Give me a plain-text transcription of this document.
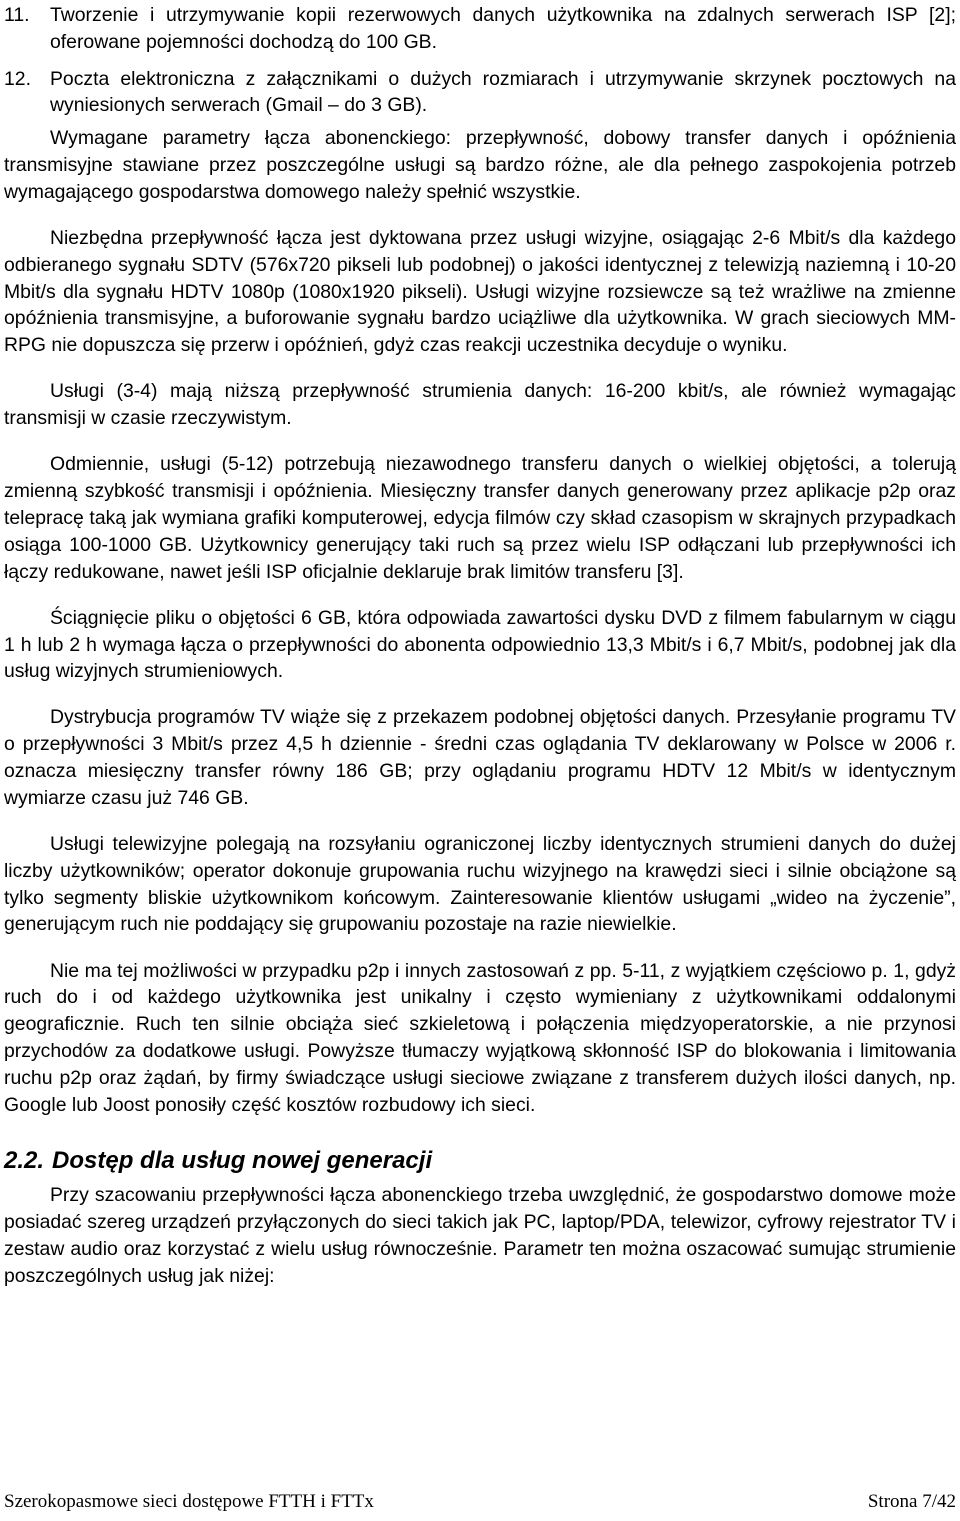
11.	Tworzenie i utrzymywanie kopii rezerwowych danych użytkownika na zdalnych serwerach ISP [2]; oferowane pojemności dochodzą do 100 GB.
12. Poczta elektroniczna z załącznikami o dużych rozmiarach i utrzymywanie skrzynek pocztowych na wyniesionych serwerach (Gmail – do 3 GB).

Wymagane parametry łącza abonenckiego: przepływność, dobowy transfer danych i opóźnienia transmisyjne stawiane przez poszczególne usługi są bardzo różne, ale dla pełnego zaspokojenia potrzeb wymagającego gospodarstwa domowego należy spełnić wszystkie.

Niezbędna przepływność łącza jest dyktowana przez usługi wizyjne, osiągając 2-6 Mbit/s dla każdego odbieranego sygnału SDTV (576x720 pikseli lub podobnej) o jakości identycznej z telewizją naziemną i 10-20 Mbit/s dla sygnału HDTV 1080p (1080x1920 pikseli). Usługi wizyjne rozsiewcze są też wrażliwe na zmienne opóźnienia transmisyjne, a buforowanie sygnału bardzo uciążliwe dla użytkownika. W grach sieciowych MM-RPG nie dopuszcza się przerw i opóźnień, gdyż czas reakcji uczestnika decyduje o wyniku.

Usługi (3-4) mają niższą przepływność strumienia danych: 16-200 kbit/s, ale również wymagając transmisji w czasie rzeczywistym.

Odmiennie, usługi (5-12) potrzebują niezawodnego transferu danych o wielkiej objętości, a tolerują zmienną szybkość transmisji i opóźnienia. Miesięczny transfer danych generowany przez aplikacje p2p oraz telepracę taką jak wymiana grafiki komputerowej, edycja filmów czy skład czasopism w skrajnych przypadkach osiąga 100-1000 GB. Użytkownicy generujący taki ruch są przez wielu ISP odłączani lub przepływności ich łączy redukowane, nawet jeśli ISP oficjalnie deklaruje brak limitów transferu [3].

Ściągnięcie pliku o objętości 6 GB, która odpowiada zawartości dysku DVD z filmem fabularnym w ciągu 1 h lub 2 h wymaga łącza o przepływności do abonenta odpowiednio 13,3 Mbit/s i 6,7 Mbit/s, podobnej jak dla usług wizyjnych strumieniowych.

Dystrybucja programów TV wiąże się z przekazem podobnej objętości danych. Przesyłanie programu TV o przepływności 3 Mbit/s przez 4,5 h dziennie - średni czas oglądania TV deklarowany w Polsce w 2006 r. oznacza miesięczny transfer równy 186 GB; przy oglądaniu programu HDTV 12 Mbit/s w identycznym wymiarze czasu już 746 GB.

Usługi telewizyjne polegają na rozsyłaniu ograniczonej liczby identycznych strumieni danych do dużej liczby użytkowników; operator dokonuje grupowania ruchu wizyjnego na krawędzi sieci i silnie obciążone są tylko segmenty bliskie użytkownikom końcowym. Zainteresowanie klientów usługami „wideo na życzenie”, generującym ruch nie poddający się grupowaniu pozostaje na razie niewielkie.

Nie ma tej możliwości w przypadku p2p i innych zastosowań z pp. 5-11, z wyjątkiem częściowo p. 1, gdyż ruch do i od każdego użytkownika jest unikalny i często wymieniany z użytkownikami oddalonymi geograficznie. Ruch ten silnie obciąża sieć szkieletową i połączenia międzyoperatorskie, a nie przynosi przychodów za dodatkowe usługi. Powyższe tłumaczy wyjątkową skłonność ISP do blokowania i limitowania ruchu p2p oraz żądań, by firmy świadczące usługi sieciowe związane z transferem dużych ilości danych, np. Google lub Joost ponosiły część kosztów rozbudowy ich sieci.

2.2. Dostęp dla usług nowej generacji

Przy szacowaniu przepływności łącza abonenckiego trzeba uwzględnić, że gospodarstwo domowe może posiadać szereg urządzeń przyłączonych do sieci takich jak PC, laptop/PDA, telewizor, cyfrowy rejestrator TV i zestaw audio oraz korzystać z wielu usług równocześnie. Parametr ten można oszacować sumując strumienie poszczególnych usług jak niżej:

Szerokopasmowe sieci dostępowe FTTH i FTTx	Strona 7/42
